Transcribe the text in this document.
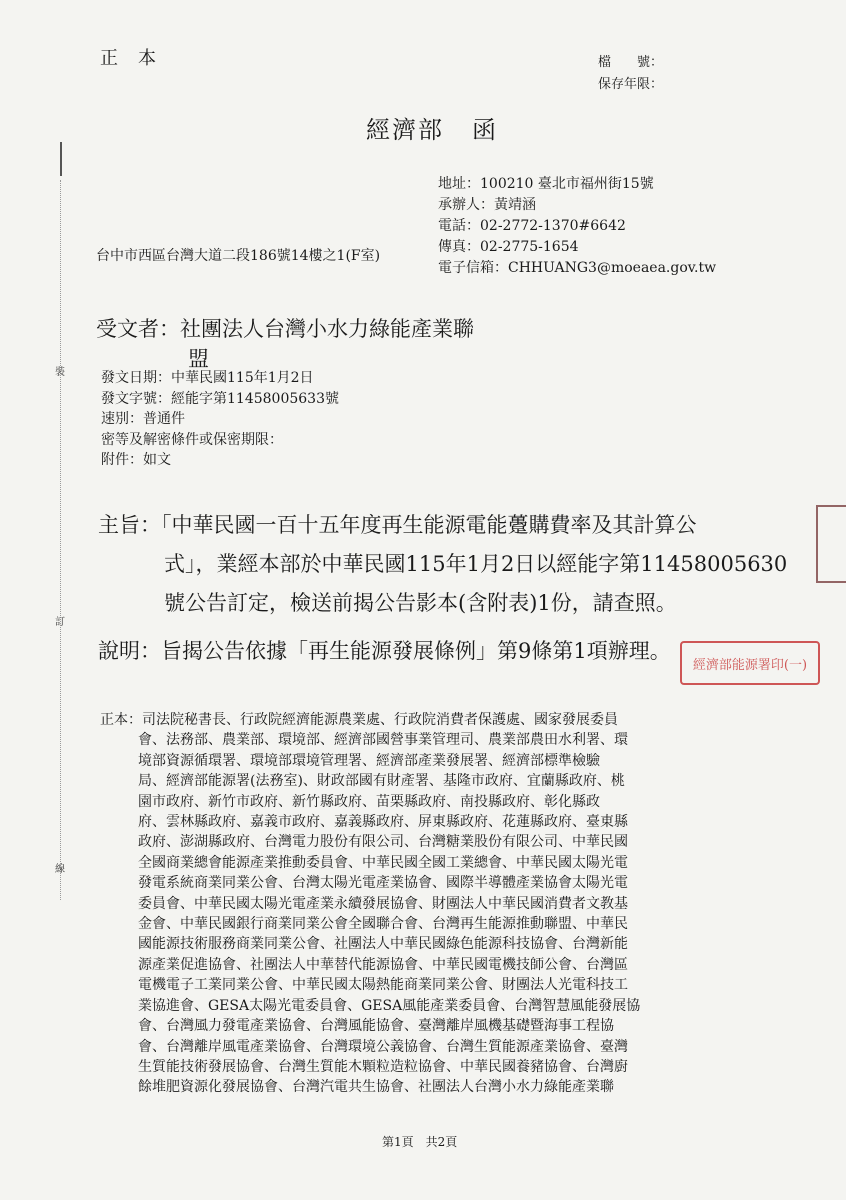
正本	檔　　號：
保存年限：
經濟部 函
地址：100210 臺北市福州街15號
承辦人：黃靖涵
電話：02-2772-1370#6642
傳真：02-2775-1654
電子信箱：CHHUANG3@moeaea.gov.tw
台中市西區台灣大道二段186號14樓之1(F室)
受文者：社團法人台灣小水力綠能產業聯
盟
發文日期：中華民國115年1月2日
發文字號：經能字第11458005633號
速別：普通件
密等及解密條件或保密期限：
附件：如文
主旨：「中華民國一百十五年度再生能源電能躉購費率及其計算公
式」，業經本部於中華民國115年1月2日以經能字第11458005630
號公告訂定，檢送前揭公告影本(含附表)1份，請查照。
說明：旨揭公告依據「再生能源發展條例」第9條第1項辦理。
經濟部能源署印(一)
正本：司法院秘書長、行政院經濟能源農業處、行政院消費者保護處、國家發展委員
會、法務部、農業部、環境部、經濟部國營事業管理司、農業部農田水利署、環
境部資源循環署、環境部環境管理署、經濟部產業發展署、經濟部標準檢驗
局、經濟部能源署(法務室)、財政部國有財產署、基隆市政府、宜蘭縣政府、桃
園市政府、新竹市政府、新竹縣政府、苗栗縣政府、南投縣政府、彰化縣政
府、雲林縣政府、嘉義市政府、嘉義縣政府、屏東縣政府、花蓮縣政府、臺東縣
政府、澎湖縣政府、台灣電力股份有限公司、台灣糖業股份有限公司、中華民國
全國商業總會能源產業推動委員會、中華民國全國工業總會、中華民國太陽光電
發電系統商業同業公會、台灣太陽光電產業協會、國際半導體產業協會太陽光電
委員會、中華民國太陽光電產業永續發展協會、財團法人中華民國消費者文教基
金會、中華民國銀行商業同業公會全國聯合會、台灣再生能源推動聯盟、中華民
國能源技術服務商業同業公會、社團法人中華民國綠色能源科技協會、台灣新能
源產業促進協會、社團法人中華替代能源協會、中華民國電機技師公會、台灣區
電機電子工業同業公會、中華民國太陽熱能商業同業公會、財團法人光電科技工
業協進會、GESA太陽光電委員會、GESA風能產業委員會、台灣智慧風能發展協
會、台灣風力發電產業協會、台灣風能協會、臺灣離岸風機基礎暨海事工程協
會、台灣離岸風電產業協會、台灣環境公義協會、台灣生質能源產業協會、臺灣
生質能技術發展協會、台灣生質能木顆粒造粒協會、中華民國養豬協會、台灣廚
餘堆肥資源化發展協會、台灣汽電共生協會、社團法人台灣小水力綠能產業聯
第1頁　共2頁
裝
訂
線
